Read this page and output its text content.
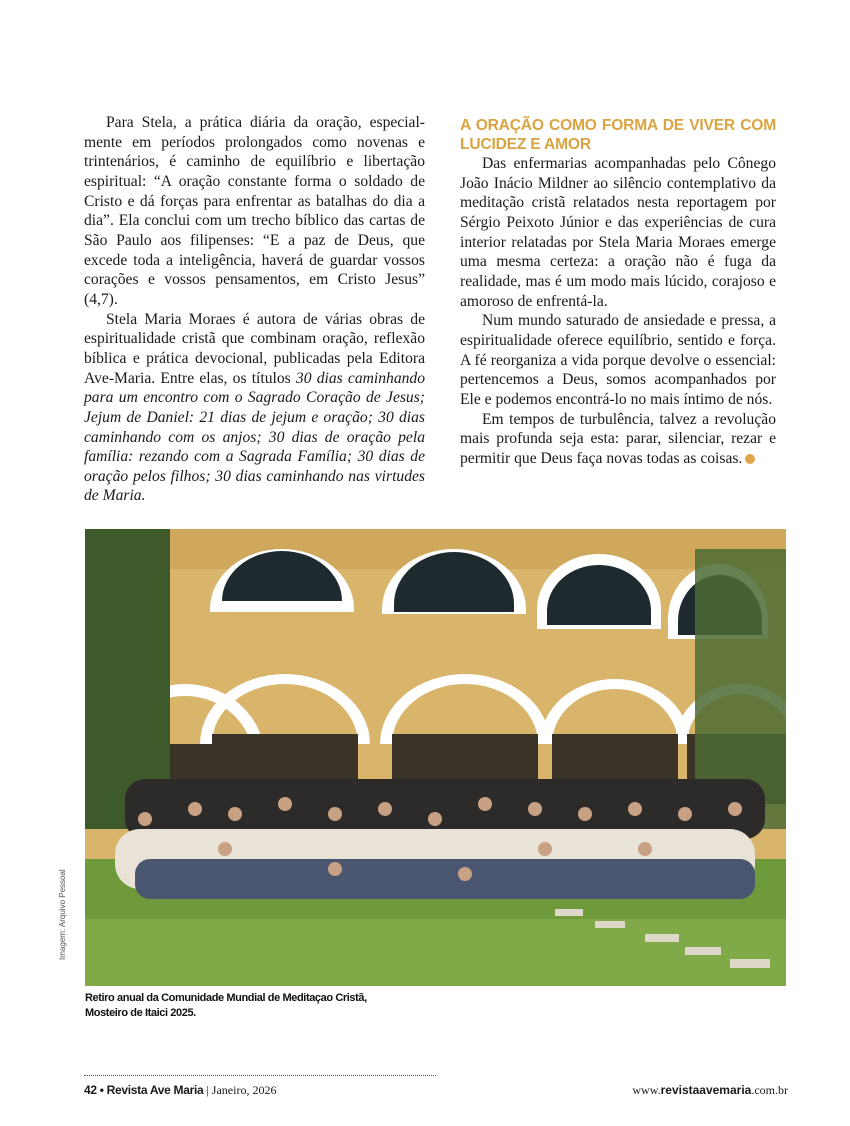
Para Stela, a prática diária da oração, especialmente em períodos prolongados como novenas e trintenários, é caminho de equilíbrio e libertação espiritual: “A oração constante forma o soldado de Cristo e dá forças para enfrentar as batalhas do dia a dia”. Ela conclui com um trecho bíblico das cartas de São Paulo aos filipenses: “E a paz de Deus, que excede toda a inteligência, haverá de guardar vossos corações e vossos pensamentos, em Cristo Jesus” (4,7).

Stela Maria Moraes é autora de várias obras de espiritualidade cristã que combinam oração, reflexão bíblica e prática devocional, publicadas pela Editora Ave-Maria. Entre elas, os títulos 30 dias caminhando para um encontro com o Sagrado Coração de Jesus; Jejum de Daniel: 21 dias de jejum e oração; 30 dias caminhando com os anjos; 30 dias de oração pela família: rezando com a Sagrada Família; 30 dias de oração pelos filhos; 30 dias caminhando nas virtudes de Maria.

A ORAÇÃO COMO FORMA DE VIVER COM LUCIDEZ E AMOR

Das enfermarias acompanhadas pelo Cônego João Inácio Mildner ao silêncio contemplativo da meditação cristã relatados nesta reportagem por Sérgio Peixoto Júnior e das experiências de cura interior relatadas por Stela Maria Moraes emerge uma mesma certeza: a oração não é fuga da realidade, mas é um modo mais lúcido, corajoso e amoroso de enfrentá-la.

Num mundo saturado de ansiedade e pressa, a espiritualidade oferece equilíbrio, sentido e força. A fé reorganiza a vida porque devolve o essencial: pertencemos a Deus, somos acompanhados por Ele e podemos encontrá-lo no mais íntimo de nós.

Em tempos de turbulência, talvez a revolução mais profunda seja esta: parar, silenciar, rezar e permitir que Deus faça novas todas as coisas.

Imagem: Arquivo Pessoal
Retiro anual da Comunidade Mundial de Meditaçao Cristã,
Mosteiro de Itaici 2025.
42 • Revista Ave Maria | Janeiro, 2026	www.revistaavemaria.com.br
